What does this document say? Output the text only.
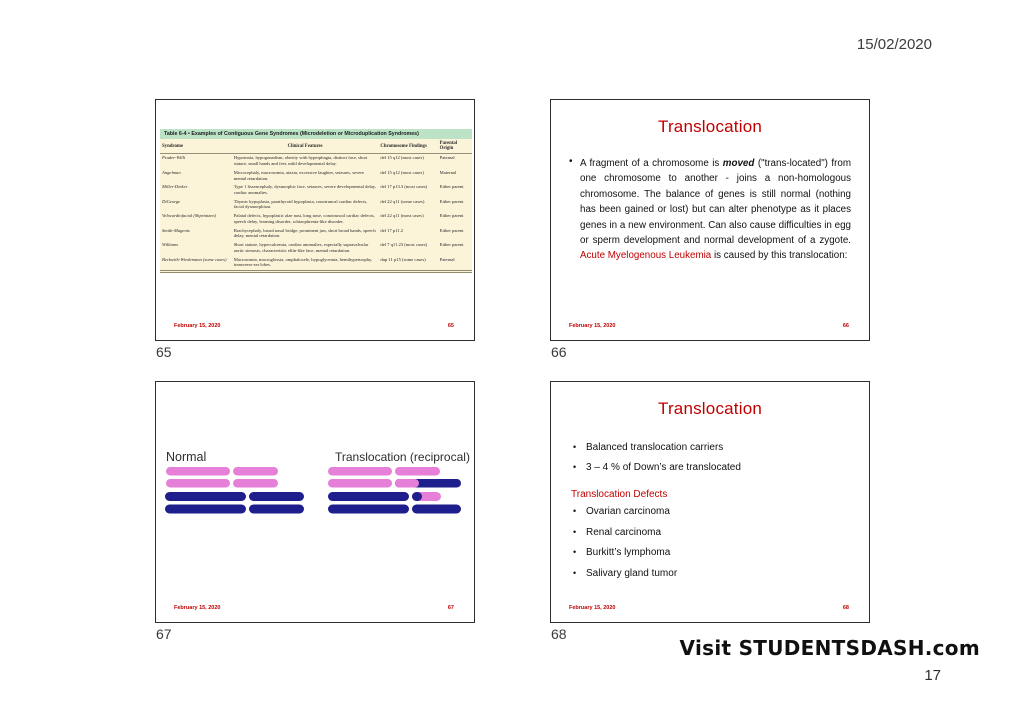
15/02/2020
Table 6-4 • Examples of Contiguous Gene Syndromes (Microdeletion or Microduplication Syndromes)
Syndrome	Clinical Features	Chromosome Findings	Parental Origin
Prader-Willi	Hypotonia, hypogonadism, obesity with hyperphagia, distinct face, short stature, small hands and feet, mild developmental delay.	del 15 q12 (most cases)	Paternal
Angelman	Microcephaly, macrosomia, ataxia, excessive laughter, seizures, severe mental retardation.	del 15 q12 (most cases)	Maternal
Miller-Dieker	Type 1 lissencephaly, dysmorphic face, seizures, severe developmental delay, cardiac anomalies.	del 17 p13.3 (most cases)	Either parent
DiGeorge	Thymic hypoplasia, parathyroid hypoplasia, conotruncal cardiac defects, facial dysmorphism.	del 22 q11 (some cases)	Either parent
Velocardiofacial (Shprintzen)	Palatal defects, hypoplastic alae nasi, long nose, conotruncal cardiac defects, speech delay, learning disorder, schizophrenia-like disorder.	del 22 q11 (most cases)	Either parent
Smith-Magenis	Brachycephaly, broad nasal bridge, prominent jaw, short broad hands, speech delay, mental retardation.	del 17 p11.2	Either parent
Williams	Short stature, hypercalcemia, cardiac anomalies, especially supravalvular aortic stenosis, characteristic elfin-like face, mental retardation.	del 7 q11.23 (most cases)	Either parent
Beckwith-Wiedemann (some cases)	Macrosomia, macroglossia, omphalocele, hypoglycemia, hemihypertrophy, transverse ear lobes.	dup 11 p15 (some cases)	Paternal
February 15, 2020	65
Translocation
• A fragment of a chromosome is moved ("trans-located") from one chromosome to another - joins a non-homologous chromosome. The balance of genes is still normal (nothing has been gained or lost) but can alter phenotype as it places genes in a new environment. Can also cause difficulties in egg or sperm development and normal development of a zygote. Acute Myelogenous Leukemia is caused by this translocation:
February 15, 2020	66
Normal	Translocation (reciprocal)
February 15, 2020	67
Translocation
• Balanced translocation carriers
• 3 – 4 % of Down’s are translocated
Translocation Defects
• Ovarian carcinoma
• Renal carcinoma
• Burkitt’s lymphoma
• Salivary gland tumor
February 15, 2020	68
65	66
67	68
Visit STUDENTSDASH.com
17
